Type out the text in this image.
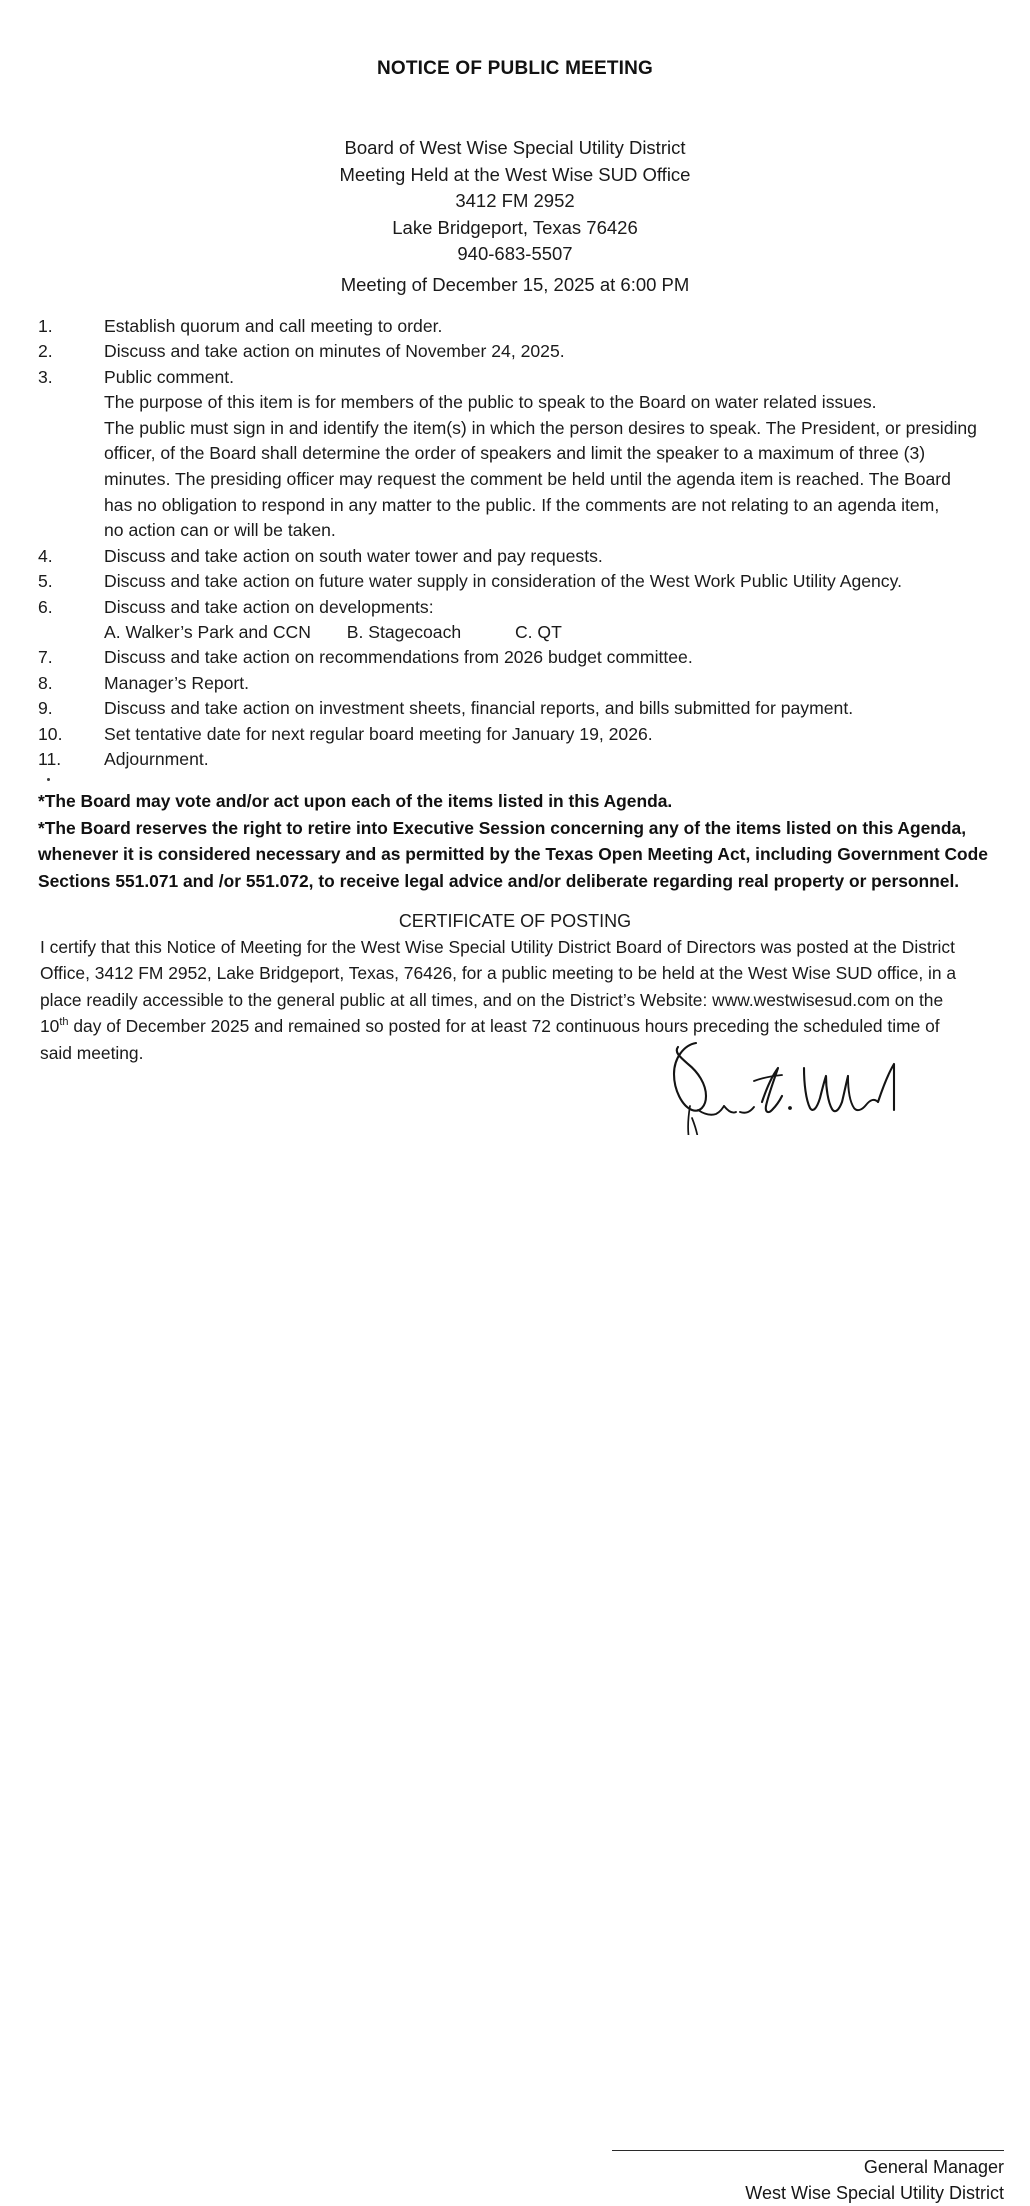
NOTICE OF PUBLIC MEETING
Board of West Wise Special Utility District
Meeting Held at the West Wise SUD Office
3412 FM 2952
Lake Bridgeport, Texas 76426
940-683-5507
Meeting of December 15, 2025 at 6:00 PM
1.	Establish quorum and call meeting to order.
2.	Discuss and take action on minutes of November 24, 2025.
3.	Public comment.
The purpose of this item is for members of the public to speak to the Board on water related issues.
The public must sign in and identify the item(s) in which the person desires to speak. The President, or presiding
officer, of the Board shall determine the order of speakers and limit the speaker to a maximum of three (3)
minutes. The presiding officer may request the comment be held until the agenda item is reached. The Board
has no obligation to respond in any matter to the public. If the comments are not relating to an agenda item,
no action can or will be taken.
4.	Discuss and take action on south water tower and pay requests.
5.	Discuss and take action on future water supply in consideration of the West Work Public Utility Agency.
6.	Discuss and take action on developments:
A. Walker’s Park and CCN B. Stagecoach	C. QT
7.	Discuss and take action on recommendations from 2026 budget committee.
8.	Manager’s Report.
9.	Discuss and take action on investment sheets, financial reports, and bills submitted for payment.
10.	Set tentative date for next regular board meeting for January 19, 2026.
11.	Adjournment.
*The Board may vote and/or act upon each of the items listed in this Agenda.
*The Board reserves the right to retire into Executive Session concerning any of the items listed on this Agenda,
whenever it is considered necessary and as permitted by the Texas Open Meeting Act, including Government Code
Sections 551.071 and /or 551.072, to receive legal advice and/or deliberate regarding real property or personnel.
CERTIFICATE OF POSTING
I certify that this Notice of Meeting for the West Wise Special Utility District Board of Directors was posted at the District
Office, 3412 FM 2952, Lake Bridgeport, Texas, 76426, for a public meeting to be held at the West Wise SUD office, in a
place readily accessible to the general public at all times, and on the District’s Website: www.westwisesud.com on the
10th day of December 2025 and remained so posted for at least 72 continuous hours preceding the scheduled time of
said meeting.
General Manager
West Wise Special Utility District
